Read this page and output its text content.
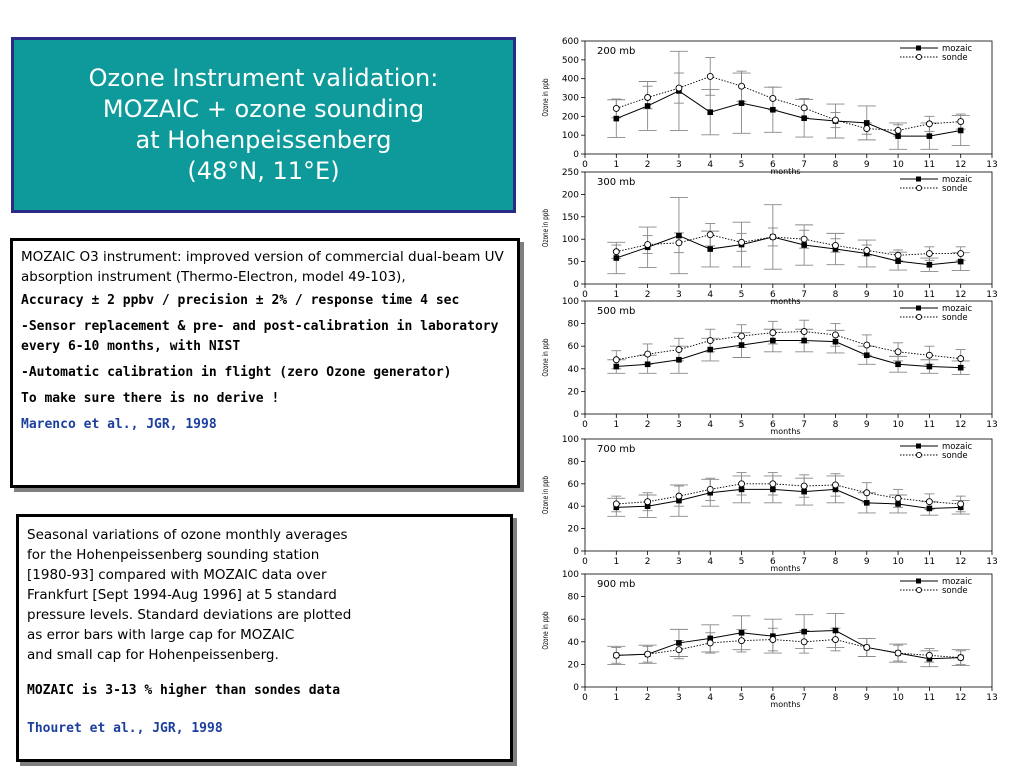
Ozone Instrument validation:
MOZAIC + ozone sounding
at Hohenpeissenberg
(48°N, 11°E)

MOZAIC O3 instrument: improved version of commercial dual-beam UV absorption instrument (Thermo-Electron, model 49-103),

Accuracy ± 2 ppbv / precision ± 2% / response time 4 sec

-Sensor replacement & pre- and post-calibration in laboratory every 6-10 months, with NIST

-Automatic calibration in flight (zero Ozone generator)

To make sure there is no derive !

Marenco et al., JGR, 1998

Seasonal variations of ozone monthly averages
for the Hohenpeissenberg sounding station
[1980-93] compared with MOZAIC data over
Frankfurt [Sept 1994-Aug 1996] at 5 standard
pressure levels. Standard deviations are plotted
as error bars with large cap for MOZAIC
and small cap for Hohenpeissenberg.

MOZAIC is 3-13 % higher than sondes data

Thouret et al., JGR, 1998

0
100
200
300
400
500
600
0	1	2	3	4	5	6	7	8	9	10 11 12 13
months
Ozone in ppb
200 mb	mozaic
sonde
0
50
100
150
200
250
0	1	2	3	4	5	6	7	8	9	10 11 12 13
months
Ozone in ppb
300 mb	mozaic
sonde
0
20
40
60
80
100
0	1	2	3	4	5	6	7	8	9	10 11 12 13
months
Ozone in ppb
500 mb	mozaic
sonde
0
20
40
60
80
100
0	1	2	3	4	5	6	7	8	9	10 11 12 13
months
Ozone in ppb
700 mb	mozaic
sonde
0
20
40
60
80
100
0	1	2	3	4	5	6	7	8	9	10 11 12 13
months
Ozone in ppb
900 mb	mozaic
sonde
